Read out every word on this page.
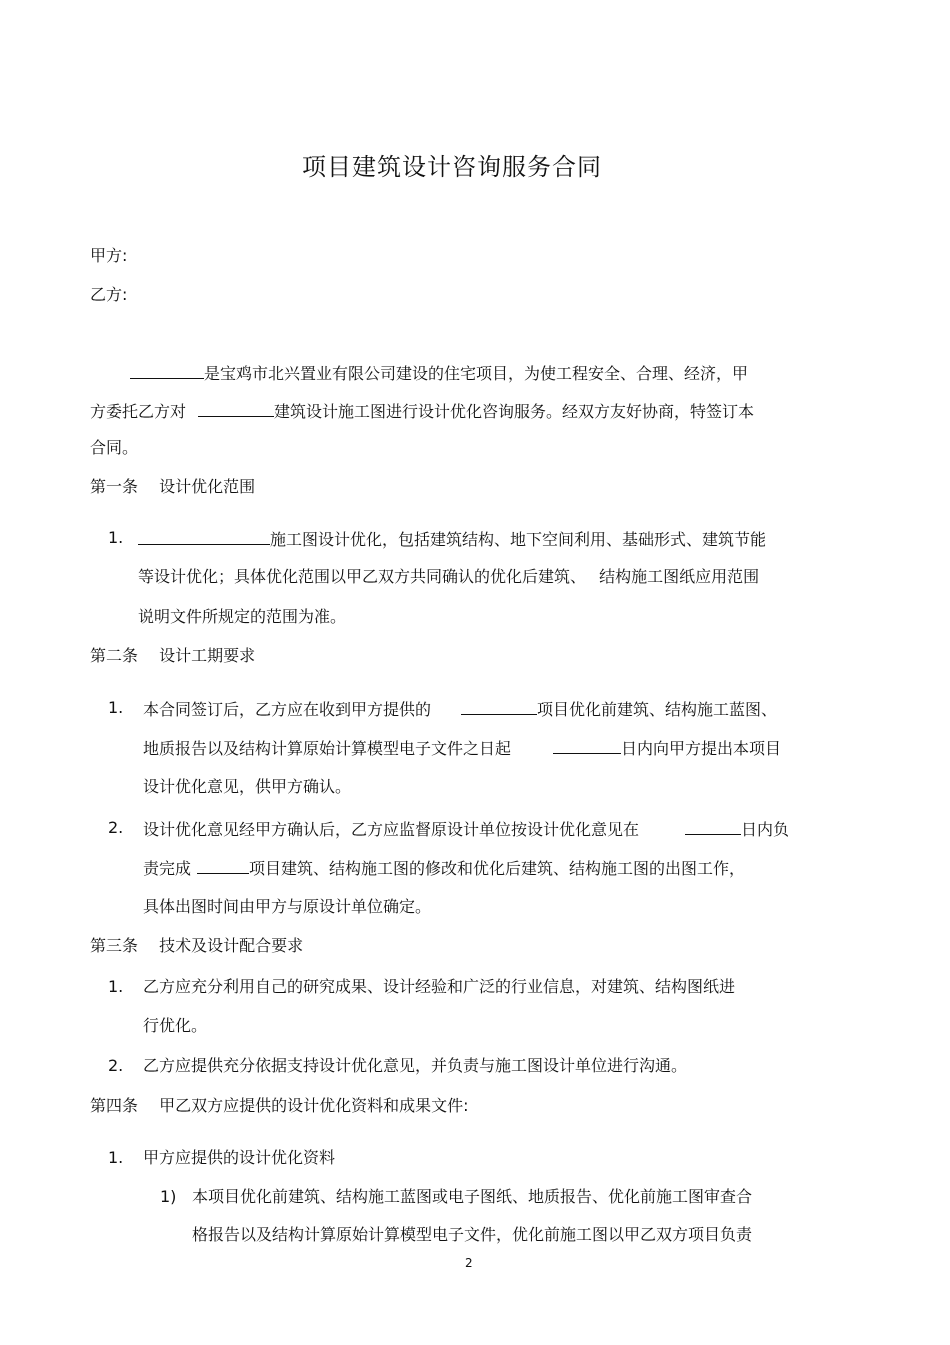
项目建筑设计咨询服务合同
甲方:
乙方:
是宝鸡市北兴置业有限公司建设的住宅项目，为使工程安全、合理、经济，甲
方委托乙方对	建筑设计施工图进行设计优化咨询服务。经双方友好协商，特签订本
合同。
第一条　 设计优化范围
1.	施工图设计优化，包括建筑结构、地下空间利用、基础形式、建筑节能
等设计优化；具体优化范围以甲乙双方共同确认的优化后建筑、　 结构施工图纸应用范围
说明文件所规定的范围为准。
第二条　 设计工期要求
1. 本合同签订后，乙方应在收到甲方提供的	项目优化前建筑、结构施工蓝图、
地质报告以及结构计算原始计算模型电子文件之日起	日内向甲方提出本项目
设计优化意见，供甲方确认。
2. 设计优化意见经甲方确认后，乙方应监督原设计单位按设计优化意见在	日内负
责完成	项目建筑、结构施工图的修改和优化后建筑、结构施工图的出图工作，
具体出图时间由甲方与原设计单位确定。
第三条　 技术及设计配合要求
1. 乙方应充分利用自己的研究成果、设计经验和广泛的行业信息，对建筑、结构图纸进
行优化。
2. 乙方应提供充分依据支持设计优化意见，并负责与施工图设计单位进行沟通。
第四条　 甲乙双方应提供的设计优化资料和成果文件:
1. 甲方应提供的设计优化资料
1) 本项目优化前建筑、结构施工蓝图或电子图纸、地质报告、优化前施工图审查合
格报告以及结构计算原始计算模型电子文件，优化前施工图以甲乙双方项目负责
2
